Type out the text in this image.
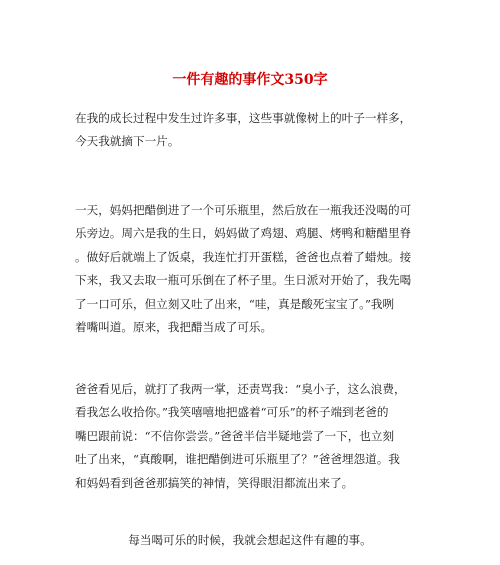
一件有趣的事作文350字

在我的成长过程中发生过许多事，这些事就像树上的叶子一样多，
今天我就摘下一片。

一天，妈妈把醋倒进了一个可乐瓶里，然后放在一瓶我还没喝的可
乐旁边。周六是我的生日，妈妈做了鸡翅、鸡腿、烤鸭和糖醋里脊
。做好后就端上了饭桌，我连忙打开蛋糕，爸爸也点着了蜡烛。接
下来，我又去取一瓶可乐倒在了杯子里。生日派对开始了，我先喝
了一口可乐，但立刻又吐了出来，“哇，真是酸死宝宝了。”我咧
着嘴叫道。原来，我把醋当成了可乐。

爸爸看见后，就打了我两一掌，还责骂我：“臭小子，这么浪费，
看我怎么收拾你。”我笑嘻嘻地把盛着“可乐”的杯子端到老爸的
嘴巴跟前说：“不信你尝尝。”爸爸半信半疑地尝了一下，也立刻
吐了出来，“真酸啊，谁把醋倒进可乐瓶里了？”爸爸埋怨道。我
和妈妈看到爸爸那搞笑的神情，笑得眼泪都流出来了。

每当喝可乐的时候，我就会想起这件有趣的事。
